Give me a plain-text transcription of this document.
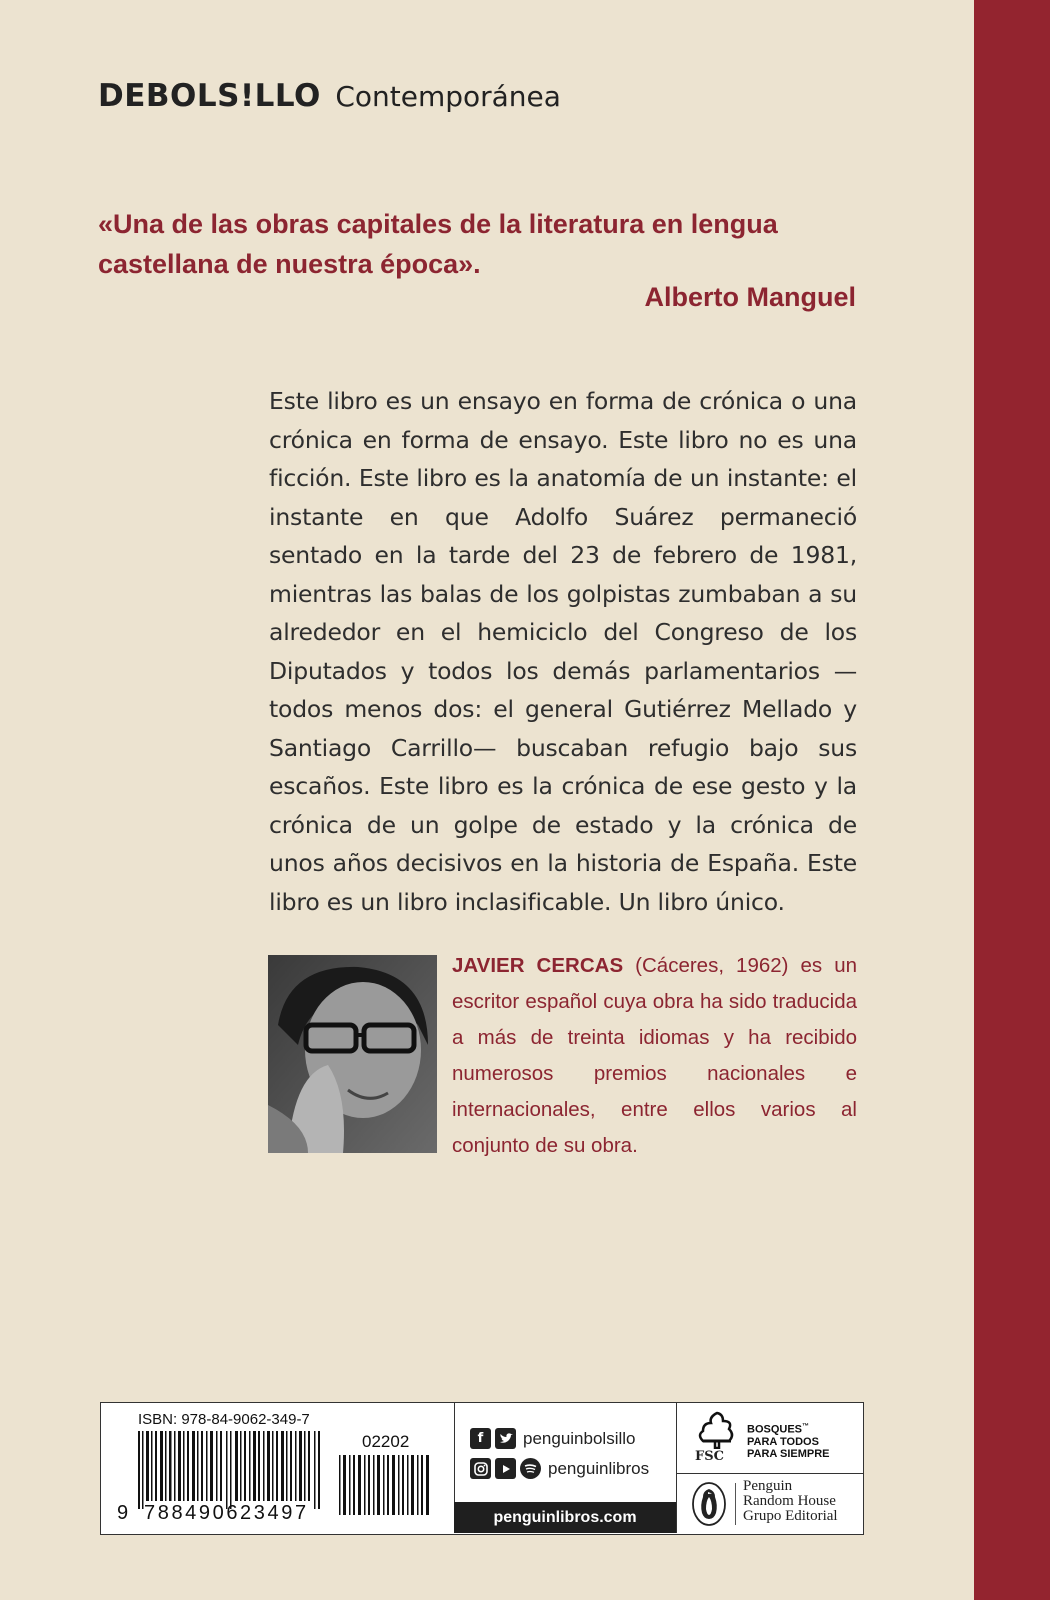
DEBOLS!LLO Contemporánea
«Una de las obras capitales de la literatura en lengua castellana de nuestra época».
Alberto Manguel
Este libro es un ensayo en forma de crónica o una crónica en forma de ensayo. Este libro no es una ficción. Este libro es la anatomía de un instante: el instante en que Adolfo Suárez permaneció sentado en la tarde del 23 de febrero de 1981, mientras las balas de los golpistas zumbaban a su alrededor en el hemiciclo del Congreso de los Diputados y todos los demás parlamentarios —todos menos dos: el general Gutiérrez Mellado y Santiago Carrillo— buscaban refugio bajo sus escaños. Este libro es la crónica de ese gesto y la crónica de un golpe de estado y la crónica de unos años decisivos en la historia de España. Este libro es un libro inclasificable. Un libro único.
JAVIER CERCAS (Cáceres, 1962) es un escritor español cuya obra ha sido traducida a más de treinta idiomas y ha recibido numerosos premios nacionales e internacionales, entre ellos varios al conjunto de su obra.
ISBN: 978-84-9062-349-7
02202
9 788490623497
f	penguinbolsillo
penguinlibros
penguinlibros.com
FSC
BOSQUES™
PARA TODOS
PARA SIEMPRE
Penguin
Random House
Grupo Editorial
